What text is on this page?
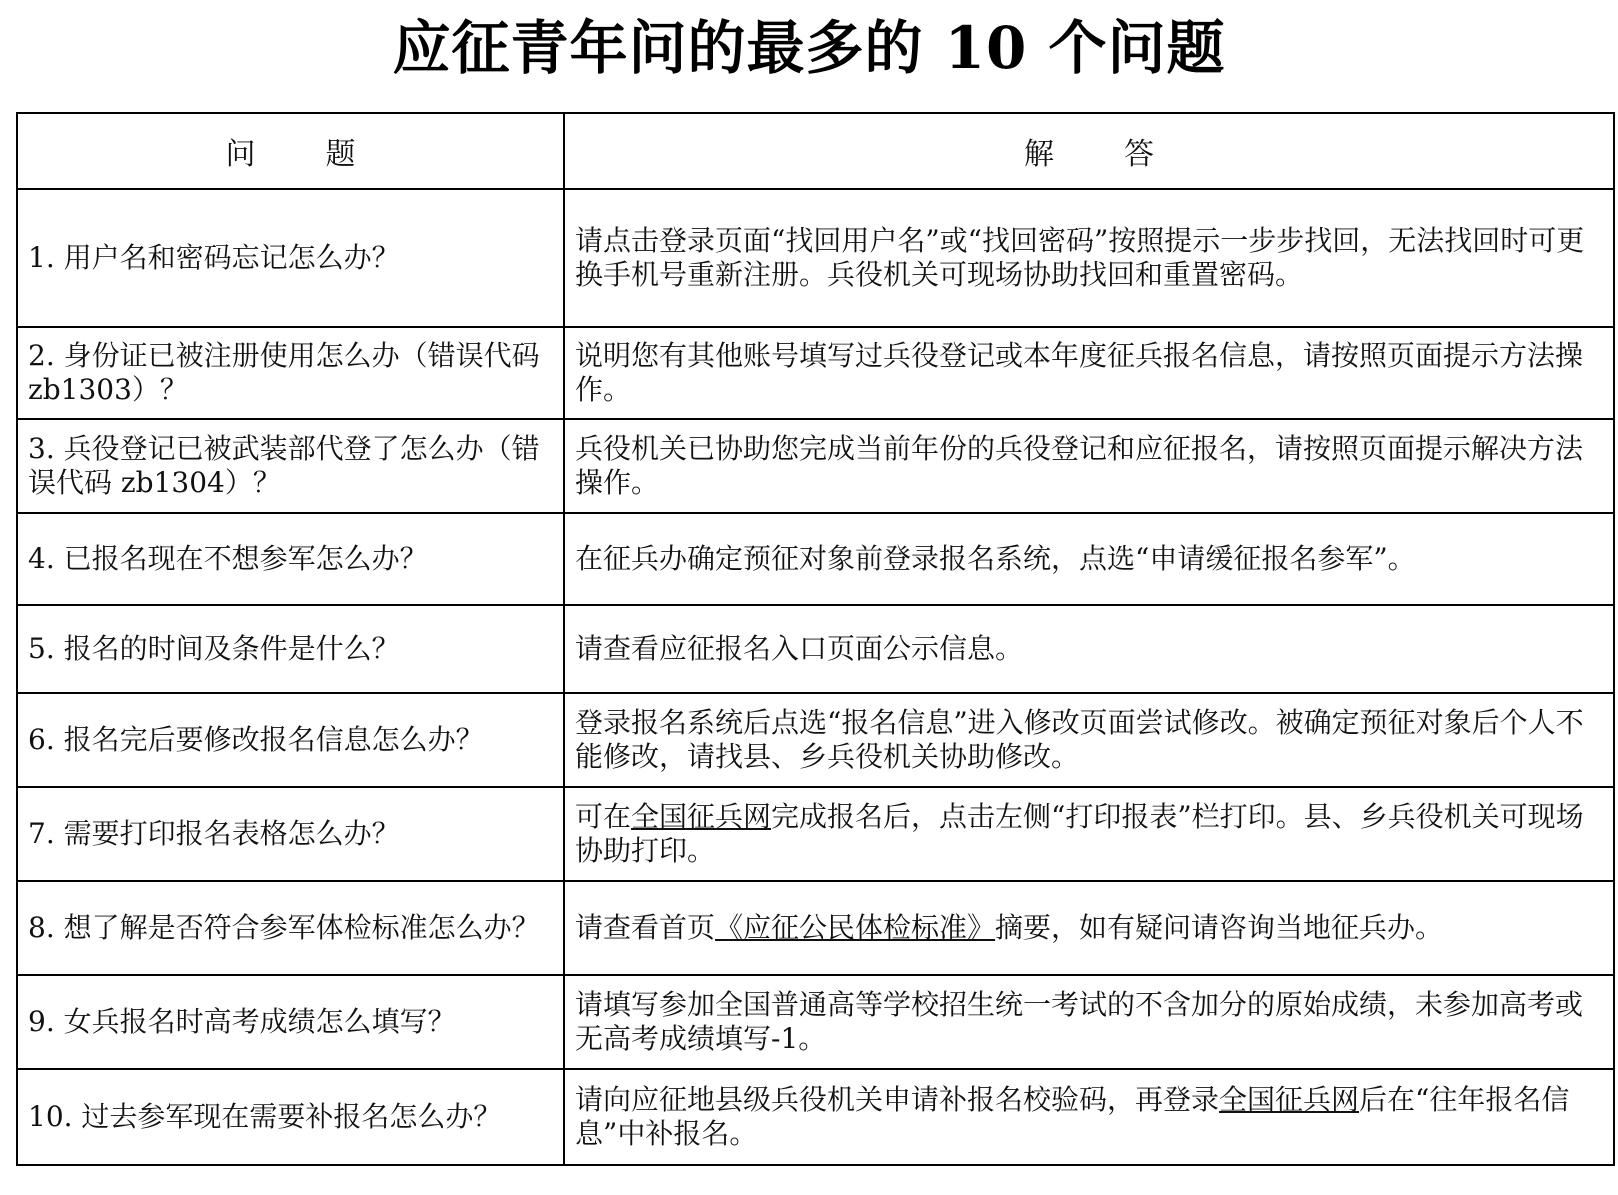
应征青年问的最多的 10 个问题
问题	解答
1. 用户名和密码忘记怎么办？	请点击登录页面“找回用户名”或“找回密码”按照提示一步步找回，无法找回时可更换手机号重新注册。兵役机关可现场协助找回和重置密码。
2. 身份证已被注册使用怎么办（错误代码 zb1303）？	说明您有其他账号填写过兵役登记或本年度征兵报名信息，请按照页面提示方法操作。
3. 兵役登记已被武装部代登了怎么办（错误代码 zb1304）？	兵役机关已协助您完成当前年份的兵役登记和应征报名，请按照页面提示解决方法操作。
4. 已报名现在不想参军怎么办？	在征兵办确定预征对象前登录报名系统，点选“申请缓征报名参军”。
5. 报名的时间及条件是什么？	请查看应征报名入口页面公示信息。
6. 报名完后要修改报名信息怎么办？	登录报名系统后点选“报名信息”进入修改页面尝试修改。被确定预征对象后个人不能修改，请找县、乡兵役机关协助修改。
7. 需要打印报名表格怎么办？	可在全国征兵网完成报名后，点击左侧“打印报表”栏打印。县、乡兵役机关可现场协助打印。
8. 想了解是否符合参军体检标准怎么办？	请查看首页《应征公民体检标准》摘要，如有疑问请咨询当地征兵办。
9. 女兵报名时高考成绩怎么填写？	请填写参加全国普通高等学校招生统一考试的不含加分的原始成绩，未参加高考或无高考成绩填写-1。
10. 过去参军现在需要补报名怎么办？	请向应征地县级兵役机关申请补报名校验码，再登录全国征兵网后在“往年报名信息”中补报名。
